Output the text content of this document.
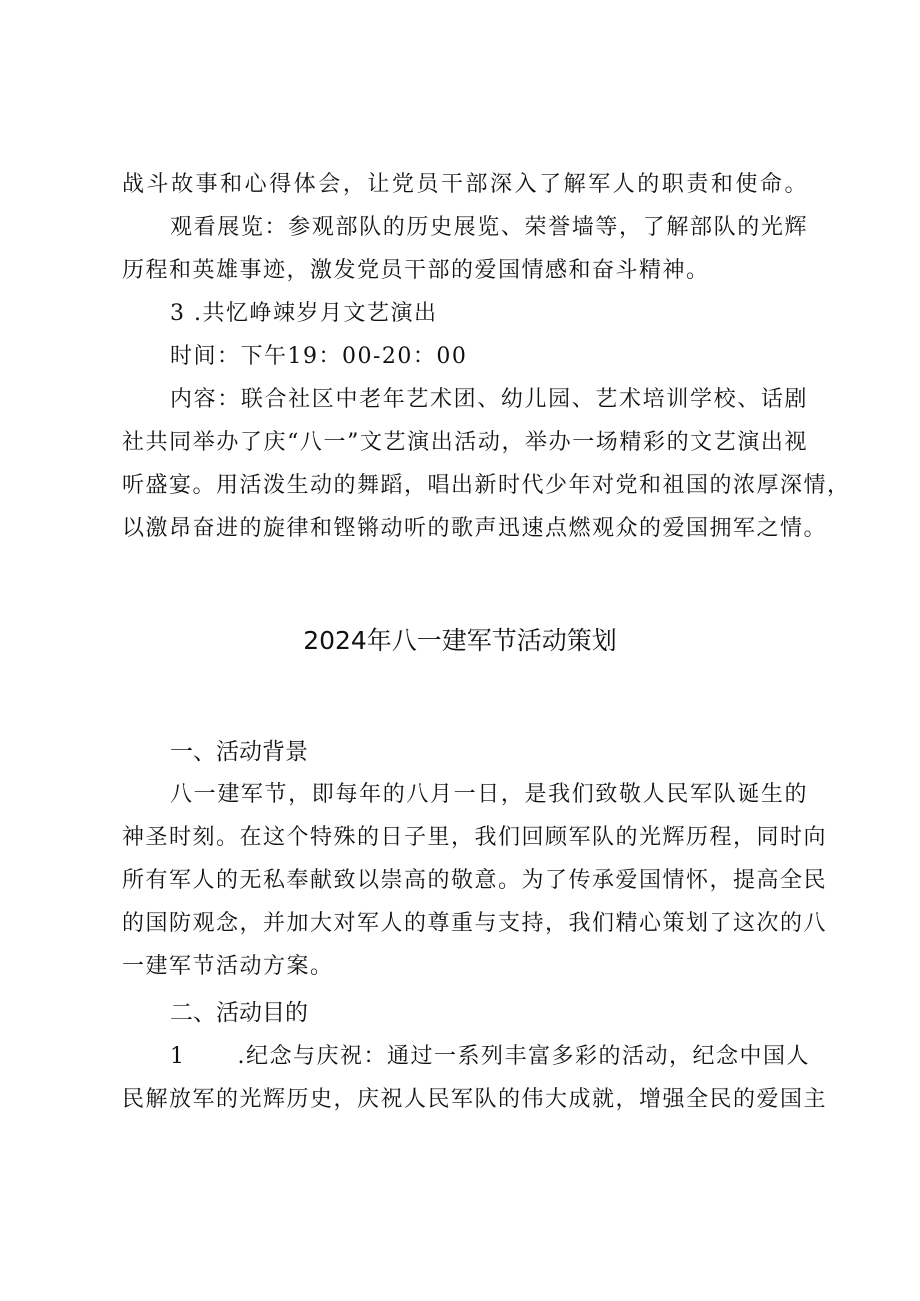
战斗故事和心得体会，让党员干部深入了解军人的职责和使命。
观看展览：参观部队的历史展览、荣誉墙等，了解部队的光辉
历程和英雄事迹，激发党员干部的爱国情感和奋斗精神。
3 .共忆峥竦岁月文艺演出
时间：下午19：00-20：00
内容：联合社区中老年艺术团、幼儿园、艺术培训学校、话剧
社共同举办了庆“八一”文艺演出活动，举办一场精彩的文艺演出视
听盛宴。用活泼生动的舞蹈，唱出新时代少年对党和祖国的浓厚深情，
以激昂奋进的旋律和铿锵动听的歌声迅速点燃观众的爱国拥军之情。
2024年八一建军节活动策划
一、活动背景
八一建军节，即每年的八月一日，是我们致敬人民军队诞生的
神圣时刻。在这个特殊的日子里，我们回顾军队的光辉历程，同时向
所有军人的无私奉献致以崇高的敬意。为了传承爱国情怀，提高全民
的国防观念，并加大对军人的尊重与支持，我们精心策划了这次的八
一建军节活动方案。
二、活动目的
1 .纪念与庆祝：通过一系列丰富多彩的活动，纪念中国人
民解放军的光辉历史，庆祝人民军队的伟大成就，增强全民的爱国主
